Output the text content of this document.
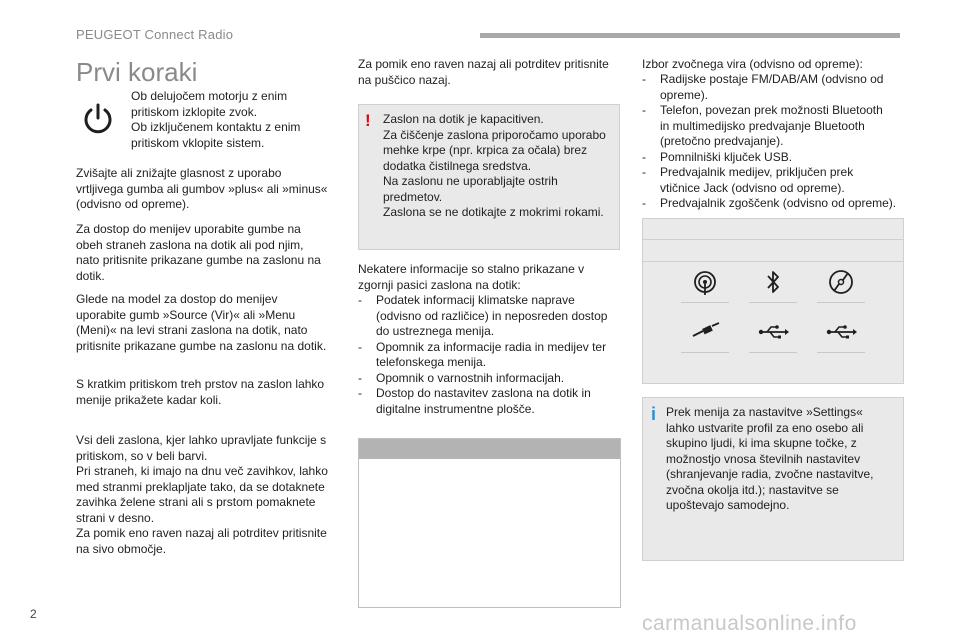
PEUGEOT Connect Radio
Prvi koraki

Ob delujočem motorju z enim
pritiskom izklopite zvok.
Ob izključenem kontaktu z enim
pritiskom vklopite sistem.

Zvišajte ali znižajte glasnost z uporabo
vrtljivega gumba ali gumbov »plus« ali »minus«
(odvisno od opreme).

Za dostop do menijev uporabite gumbe na
obeh straneh zaslona na dotik ali pod njim,
nato pritisnite prikazane gumbe na zaslonu na
dotik.

Glede na model za dostop do menijev
uporabite gumb »Source (Vir)« ali »Menu
(Meni)« na levi strani zaslona na dotik, nato
pritisnite prikazane gumbe na zaslonu na dotik.

S kratkim pritiskom treh prstov na zaslon lahko
menije prikažete kadar koli.

Vsi deli zaslona, kjer lahko upravljate funkcije s
pritiskom, so v beli barvi.
Pri straneh, ki imajo na dnu več zavihkov, lahko
med stranmi preklapljate tako, da se dotaknete
zavihka želene strani ali s prstom pomaknete
strani v desno.
Za pomik eno raven nazaj ali potrditev pritisnite
na sivo območje.

Za pomik eno raven nazaj ali potrditev pritisnite
na puščico nazaj.

! Zaslon na dotik je kapacitiven.
Za čiščenje zaslona priporočamo uporabo
mehke krpe (npr. krpica za očala) brez
dodatka čistilnega sredstva.
Na zaslonu ne uporabljajte ostrih
predmetov.
Zaslona se ne dotikajte z mokrimi rokami.

Nekatere informacije so stalno prikazane v
zgornji pasici zaslona na dotik:

- Podatek informacij klimatske naprave
(odvisno od različice) in neposreden dostop
do ustreznega menija.
- Opomnik za informacije radia in medijev ter
telefonskega menija.
- Opomnik o varnostnih informacijah.
- Dostop do nastavitev zaslona na dotik in
digitalne instrumentne plošče.

Izbor zvočnega vira (odvisno od opreme):

- Radijske postaje FM/DAB/AM (odvisno od
opreme).
- Telefon, povezan prek možnosti Bluetooth
in multimedijsko predvajanje Bluetooth
(pretočno predvajanje).
- Pomnilniški ključek USB.
- Predvajalnik medijev, priključen prek
vtičnice Jack (odvisno od opreme).
- Predvajalnik zgoščenk (odvisno od opreme).
i Prek menija za nastavitve »Settings«
lahko ustvarite profil za eno osebo ali
skupino ljudi, ki ima skupne točke, z
možnostjo vnosa številnih nastavitev
(shranjevanje radia, zvočne nastavitve,
zvočna okolja itd.); nastavitve se
upoštevajo samodejno.

2	carmanualsonline.info
